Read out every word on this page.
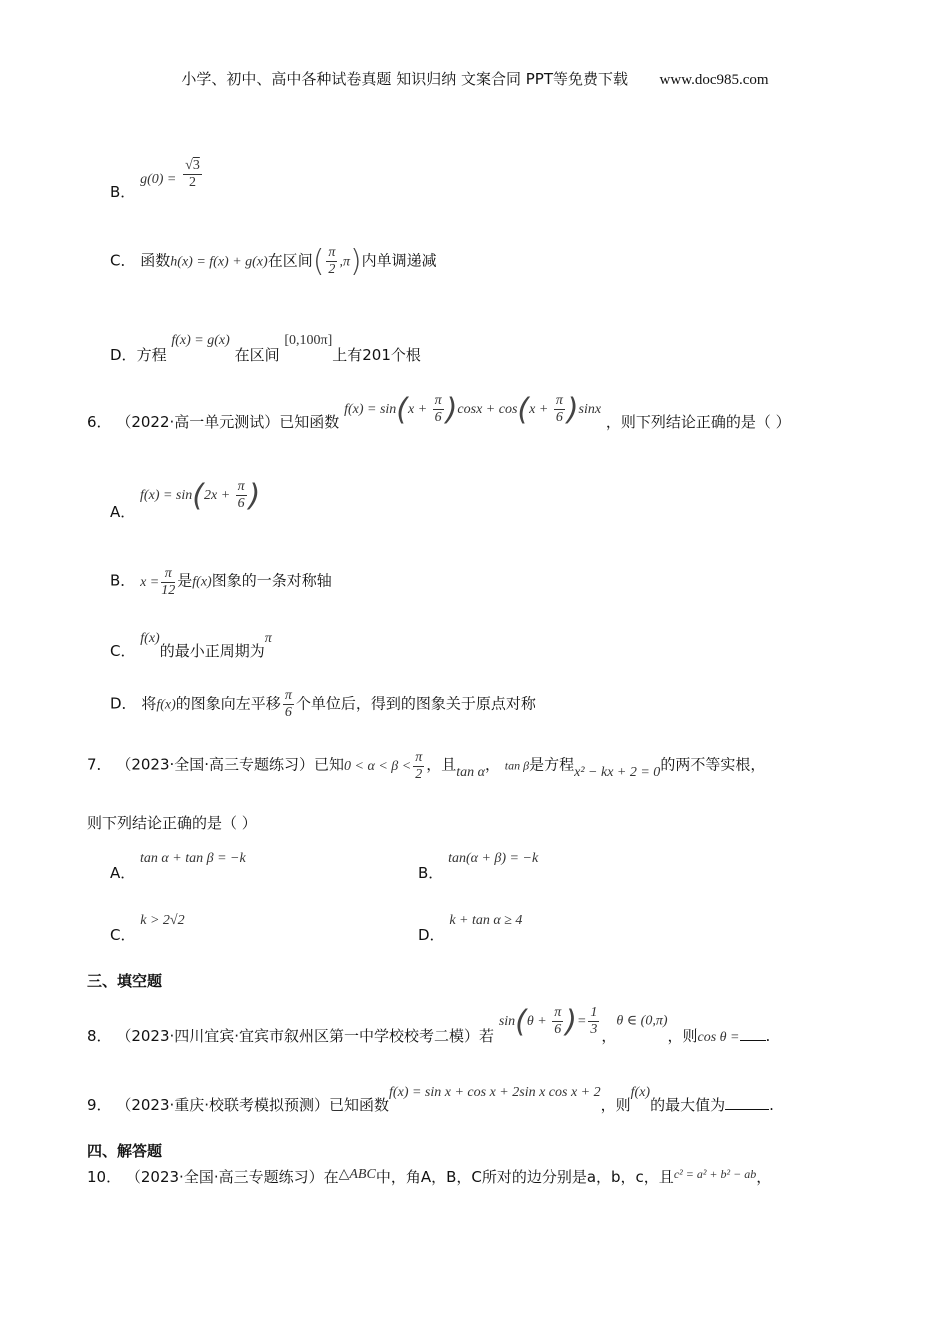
小学、初中、高中各种试卷真题 知识归纳 文案合同 PPT等免费下载 www.doc985.com
B． $g(0) = \frac{√3}{2}$
C． 函数h(x) = f(x) + g(x)在区间( $\frac{\pi}{2} ,\pi$)内单调递减
D．方程 f(x) = g(x) 在区间 [0,100π]上有201个根
6． （2022·高一单元测试）已知函数 $f(x) = \sin(x + \frac{\pi}{6} )\cos x + \cos(x + \frac{\pi}{6} )\sin x$ ，则下列结论正确的是（ ）
A． $f(x) = \sin(2x + \frac{\pi}{6}$ )
B． $x = \frac{\pi}{12}$ 是f(x)图象的一条对称轴
C． f(x)的最小正周期为π
D． 将f(x)的图象向左平移 $\frac{\pi}{6}$ 个单位后，得到的图象关于原点对称
7． （2023·全国·高三专题练习）已知$0 < \alpha < \beta < \frac{\pi}{2}$ ，且tan α， tan β是方程x² − kx + 2 = 0的两不等实根，
则下列结论正确的是（ ）
A． tan α + tan β = −k
B． tan(α + β) = −k
C． k > 2√2
D． k + tan α ≥ 4
三、填空题
8． （2023·四川宜宾·宜宾市叙州区第一中学校校考二模）若 $\sin(\theta + \frac{\pi}{6}$ )= $\frac{1}{3}$ ，θ ∈ (0,π)，则cos θ = .
9． （2023·重庆·校联考模拟预测）已知函数f(x) = sin x + cos x + 2sin x cos x + 2，则f(x)的最大值为	.
四、解答题
10． （2023·全国·高三专题练习）在△ABC中，角A，B，C所对的边分别是a，b，c，且$^{c^2 = a^2 + b^2 - ab}$，
